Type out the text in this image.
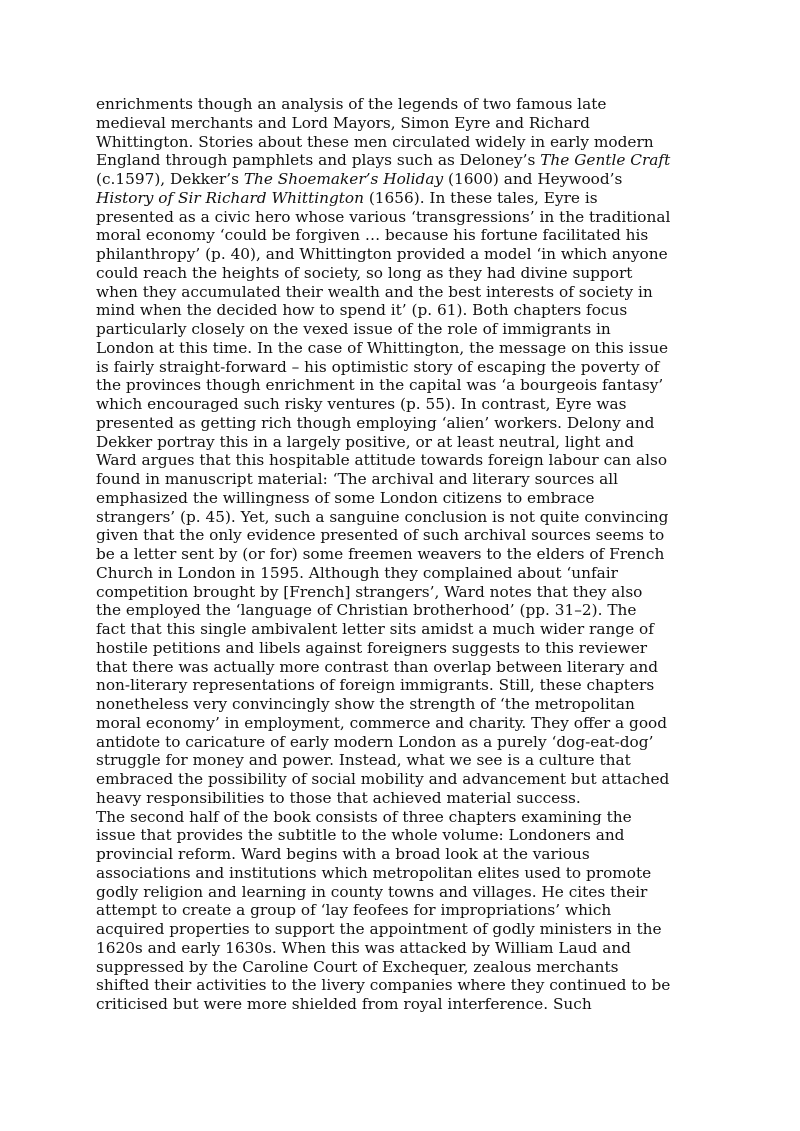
enrichments though an analysis of the legends of two famous late
medieval merchants and Lord Mayors, Simon Eyre and Richard
Whittington. Stories about these men circulated widely in early modern
England through pamphlets and plays such as Deloney’s The Gentle Craft
(c.1597), Dekker’s The Shoemaker’s Holiday (1600) and Heywood’s
History of Sir Richard Whittington (1656). In these tales, Eyre is
presented as a civic hero whose various ‘transgressions’ in the traditional
moral economy ‘could be forgiven … because his fortune facilitated his
philanthropy’ (p. 40), and Whittington provided a model ‘in which anyone
could reach the heights of society, so long as they had divine support
when they accumulated their wealth and the best interests of society in
mind when the decided how to spend it’ (p. 61). Both chapters focus
particularly closely on the vexed issue of the role of immigrants in
London at this time. In the case of Whittington, the message on this issue
is fairly straight-forward – his optimistic story of escaping the poverty of
the provinces though enrichment in the capital was ‘a bourgeois fantasy’
which encouraged such risky ventures (p. 55). In contrast, Eyre was
presented as getting rich though employing ‘alien’ workers. Delony and
Dekker portray this in a largely positive, or at least neutral, light and
Ward argues that this hospitable attitude towards foreign labour can also
found in manuscript material: ‘The archival and literary sources all
emphasized the willingness of some London citizens to embrace
strangers’ (p. 45). Yet, such a sanguine conclusion is not quite convincing
given that the only evidence presented of such archival sources seems to
be a letter sent by (or for) some freemen weavers to the elders of French
Church in London in 1595. Although they complained about ‘unfair
competition brought by [French] strangers’, Ward notes that they also
the employed the ‘language of Christian brotherhood’ (pp. 31–2). The
fact that this single ambivalent letter sits amidst a much wider range of
hostile petitions and libels against foreigners suggests to this reviewer
that there was actually more contrast than overlap between literary and
non-literary representations of foreign immigrants. Still, these chapters
nonetheless very convincingly show the strength of ‘the metropolitan
moral economy’ in employment, commerce and charity. They offer a good
antidote to caricature of early modern London as a purely ‘dog-eat-dog’
struggle for money and power. Instead, what we see is a culture that
embraced the possibility of social mobility and advancement but attached
heavy responsibilities to those that achieved material success.

The second half of the book consists of three chapters examining the
issue that provides the subtitle to the whole volume: Londoners and
provincial reform. Ward begins with a broad look at the various
associations and institutions which metropolitan elites used to promote
godly religion and learning in county towns and villages. He cites their
attempt to create a group of ‘lay feofees for impropriations’ which
acquired properties to support the appointment of godly ministers in the
1620s and early 1630s. When this was attacked by William Laud and
suppressed by the Caroline Court of Exchequer, zealous merchants
shifted their activities to the livery companies where they continued to be
criticised but were more shielded from royal interference. Such
